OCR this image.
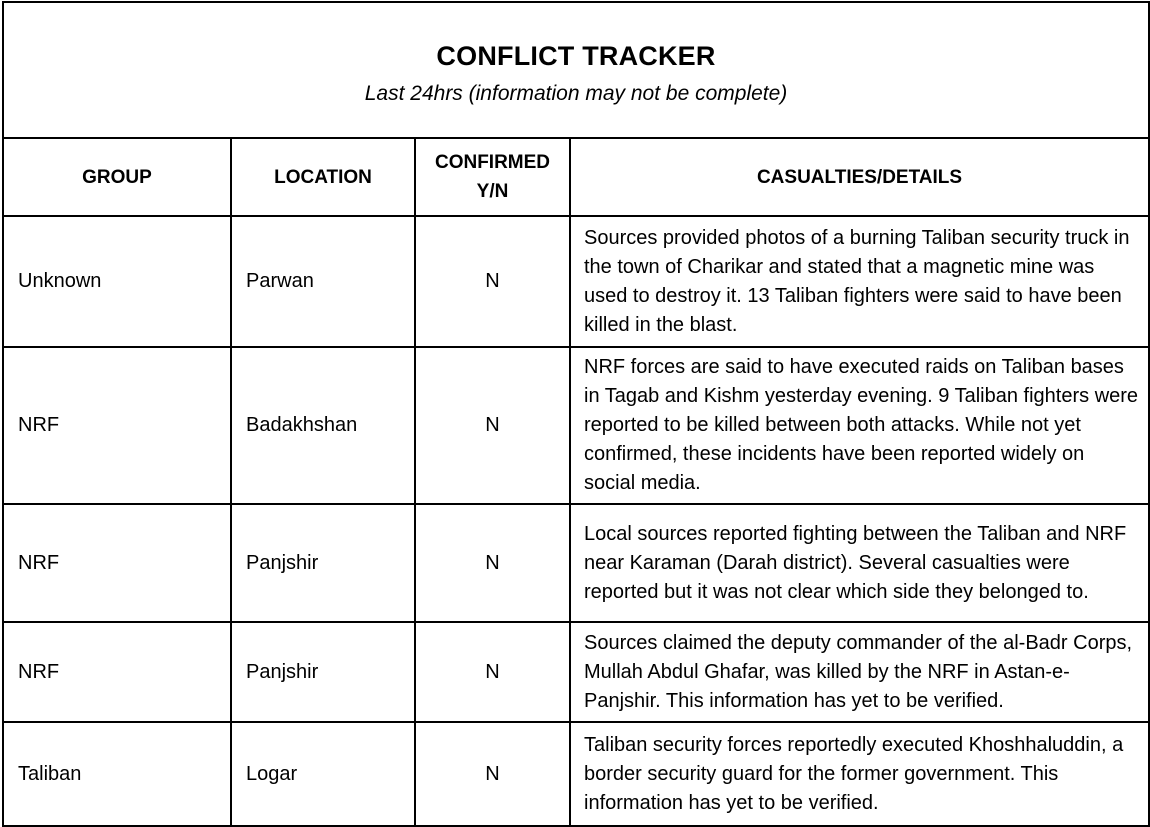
CONFLICT TRACKER
Last 24hrs (information may not be complete)			

GROUP	LOCATION	CONFIRMED Y/N	CASUALTIES/DETAILS
Unknown	Parwan	N	Sources provided photos of a burning Taliban security truck in the town of Charikar and stated that a magnetic mine was used to destroy it. 13 Taliban fighters were said to have been killed in the blast.
NRF	Badakhshan	N	NRF forces are said to have executed raids on Taliban bases in Tagab and Kishm yesterday evening. 9 Taliban fighters were reported to be killed between both attacks. While not yet confirmed, these incidents have been reported widely on social media.
NRF	Panjshir	N	Local sources reported fighting between the Taliban and NRF near Karaman (Darah district). Several casualties were reported but it was not clear which side they belonged to.
NRF	Panjshir	N	Sources claimed the deputy commander of the al-Badr Corps, Mullah Abdul Ghafar, was killed by the NRF in Astan-e-Panjshir. This information has yet to be verified.
Taliban	Logar	N	Taliban security forces reportedly executed Khoshhaluddin, a border security guard for the former government. This information has yet to be verified.
